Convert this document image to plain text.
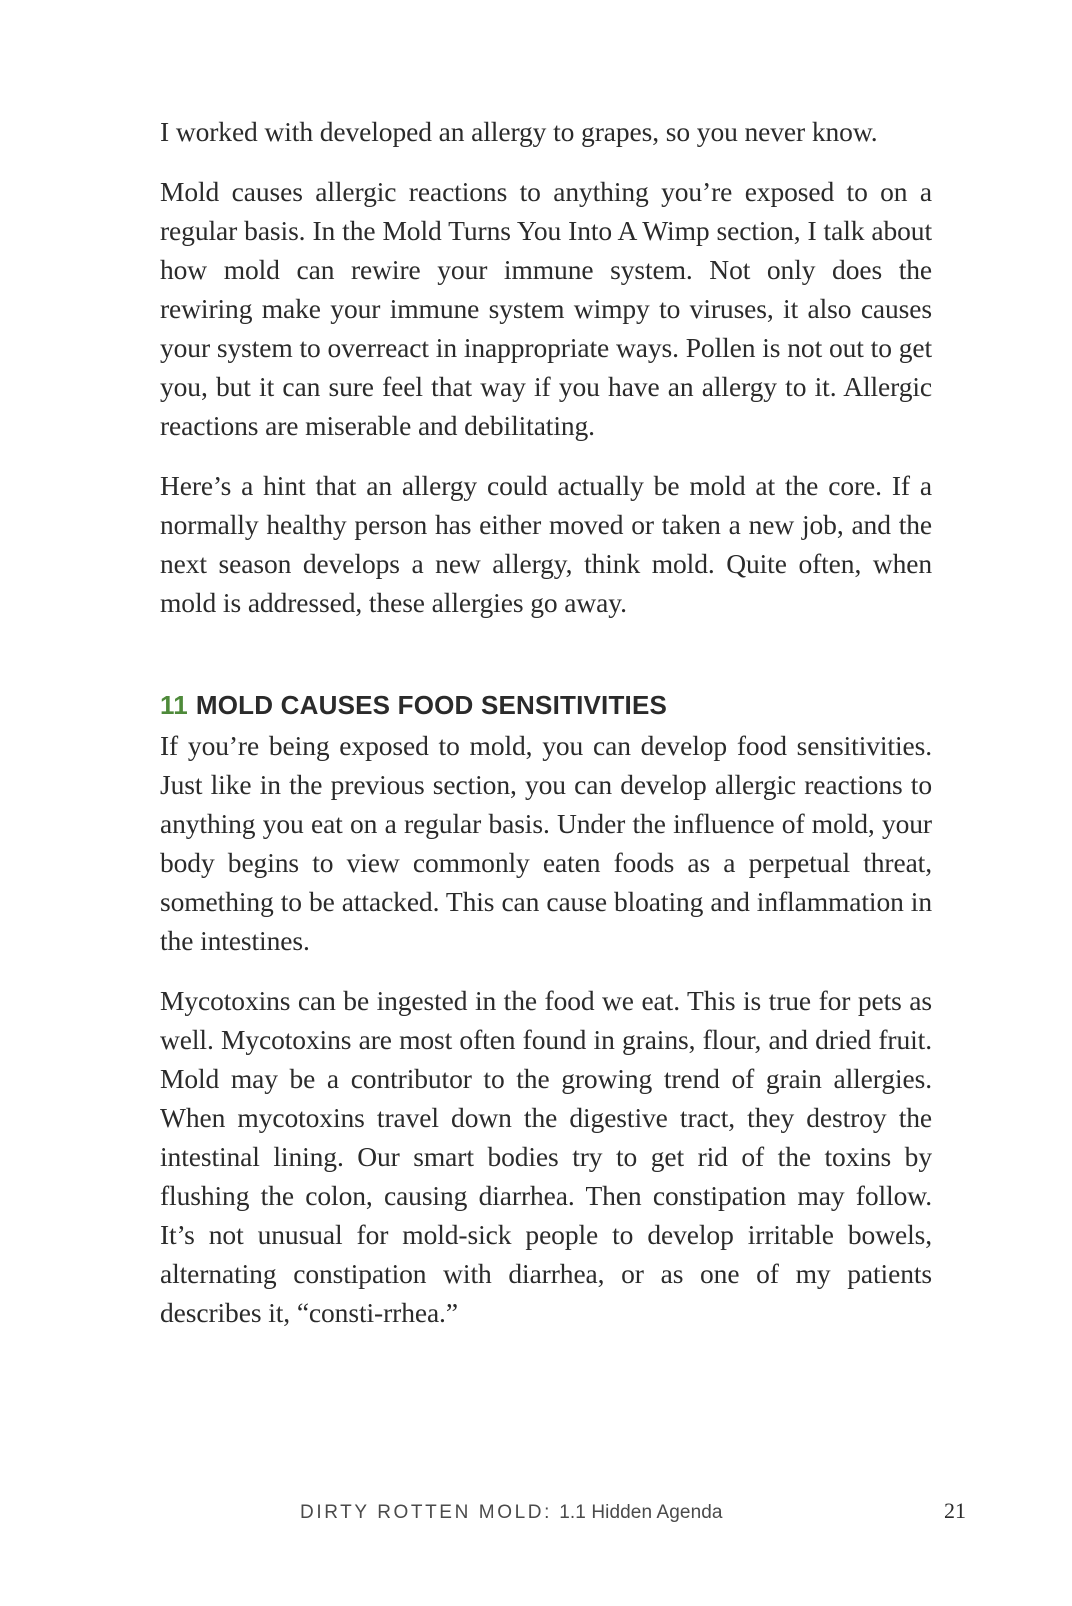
I worked with developed an allergy to grapes, so you never know.

Mold causes allergic reactions to anything you’re exposed to on a regular basis. In the Mold Turns You Into A Wimp section, I talk about how mold can rewire your immune system. Not only does the rewiring make your immune system wimpy to viruses, it also causes your system to overreact in inappropriate ways. Pollen is not out to get you, but it can sure feel that way if you have an allergy to it. Allergic reactions are miserable and debilitating.

Here’s a hint that an allergy could actually be mold at the core. If a normally healthy person has either moved or taken a new job, and the next season develops a new allergy, think mold. Quite often, when mold is addressed, these allergies go away.

11 MOLD CAUSES FOOD SENSITIVITIES

If you’re being exposed to mold, you can develop food sensitivities. Just like in the previous section, you can develop allergic reactions to anything you eat on a regular basis. Under the influence of mold, your body begins to view commonly eaten foods as a perpetual threat, something to be attacked. This can cause bloating and inflammation in the intestines.

Mycotoxins can be ingested in the food we eat. This is true for pets as well. Mycotoxins are most often found in grains, flour, and dried fruit. Mold may be a contributor to the growing trend of grain allergies. When mycotoxins travel down the digestive tract, they destroy the intestinal lining. Our smart bodies try to get rid of the toxins by flushing the colon, causing diarrhea. Then constipation may follow. It’s not unusual for mold-sick people to develop irritable bowels, alternating constipation with diarrhea, or as one of my patients describes it, “consti-rrhea.”

DIRTY ROTTEN MOLD: 1.1 Hidden Agenda	21
